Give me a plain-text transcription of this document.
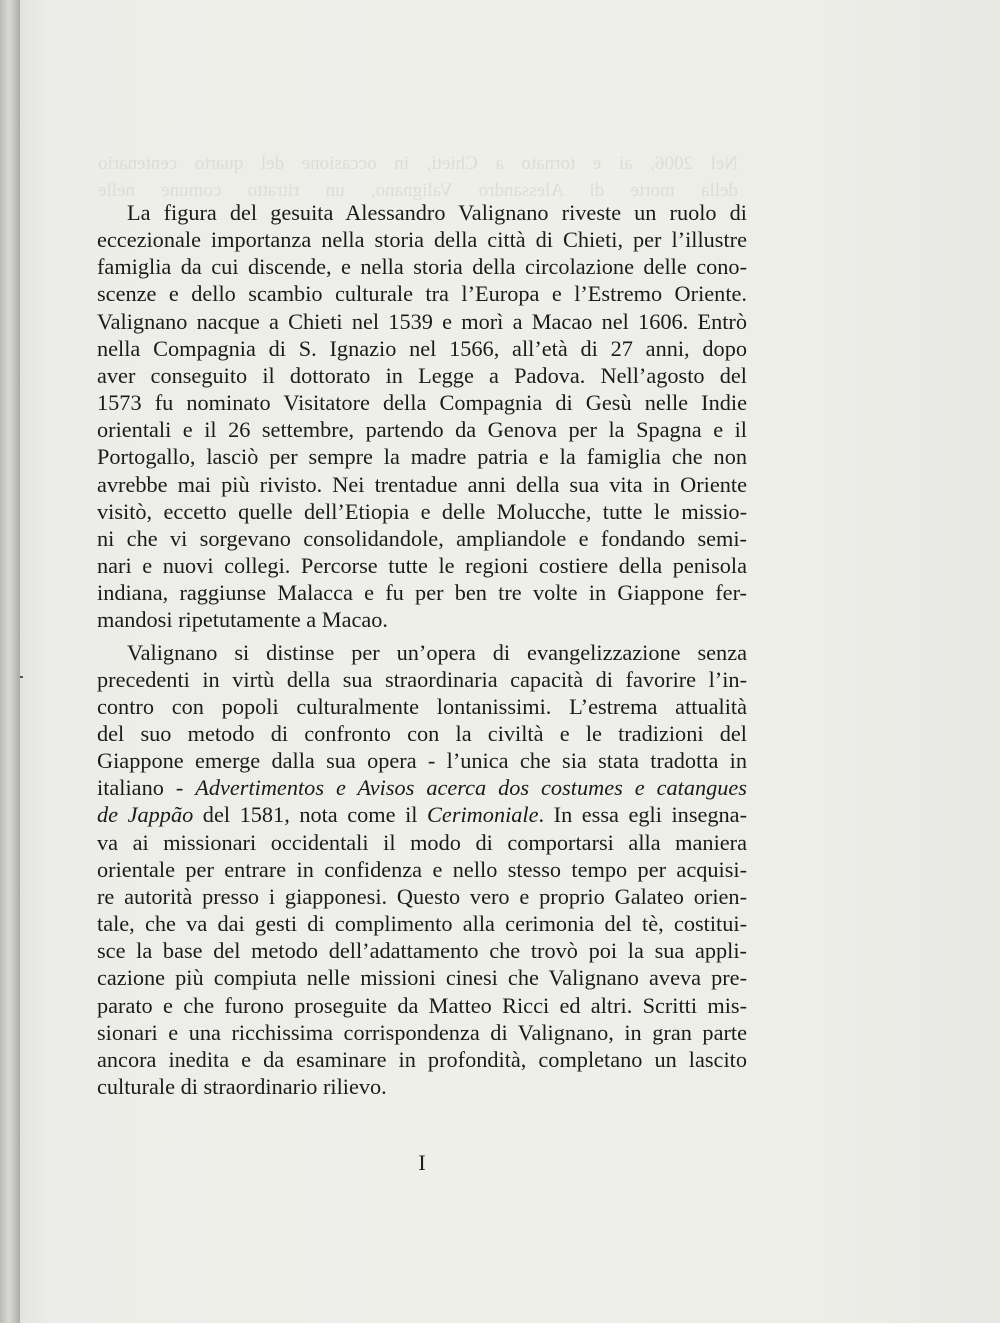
Nel 2006, ai e tornato a Chieti, in occasione del quarto centenario
della morte di Alessandro Valignano, un ritratto comune nelle
La figura del gesuita Alessandro Valignano riveste un ruolo di
eccezionale importanza nella storia della città di Chieti, per l’illustre
famiglia da cui discende, e nella storia della circolazione delle cono-
scenze e dello scambio culturale tra l’Europa e l’Estremo Oriente.
Valignano nacque a Chieti nel 1539 e morì a Macao nel 1606. Entrò
nella Compagnia di S. Ignazio nel 1566, all’età di 27 anni, dopo
aver conseguito il dottorato in Legge a Padova. Nell’agosto del
1573 fu nominato Visitatore della Compagnia di Gesù nelle Indie
orientali e il 26 settembre, partendo da Genova per la Spagna e il
Portogallo, lasciò per sempre la madre patria e la famiglia che non
avrebbe mai più rivisto. Nei trentadue anni della sua vita in Oriente
visitò, eccetto quelle dell’Etiopia e delle Molucche, tutte le missio-
ni che vi sorgevano consolidandole, ampliandole e fondando semi-
nari e nuovi collegi. Percorse tutte le regioni costiere della penisola
indiana, raggiunse Malacca e fu per ben tre volte in Giappone fer-
mandosi ripetutamente a Macao.
Valignano si distinse per un’opera di evangelizzazione senza
precedenti in virtù della sua straordinaria capacità di favorire l’in-
contro con popoli culturalmente lontanissimi. L’estrema attualità
del suo metodo di confronto con la civiltà e le tradizioni del
Giappone emerge dalla sua opera - l’unica che sia stata tradotta in
italiano - Advertimentos e Avisos acerca dos costumes e catangues
de Jappão del 1581, nota come il Cerimoniale. In essa egli insegna-
va ai missionari occidentali il modo di comportarsi alla maniera
orientale per entrare in confidenza e nello stesso tempo per acquisi-
re autorità presso i giapponesi. Questo vero e proprio Galateo orien-
tale, che va dai gesti di complimento alla cerimonia del tè, costitui-
sce la base del metodo dell’adattamento che trovò poi la sua appli-
cazione più compiuta nelle missioni cinesi che Valignano aveva pre-
parato e che furono proseguite da Matteo Ricci ed altri. Scritti mis-
sionari e una ricchissima corrispondenza di Valignano, in gran parte
ancora inedita e da esaminare in profondità, completano un lascito
culturale di straordinario rilievo.
I
